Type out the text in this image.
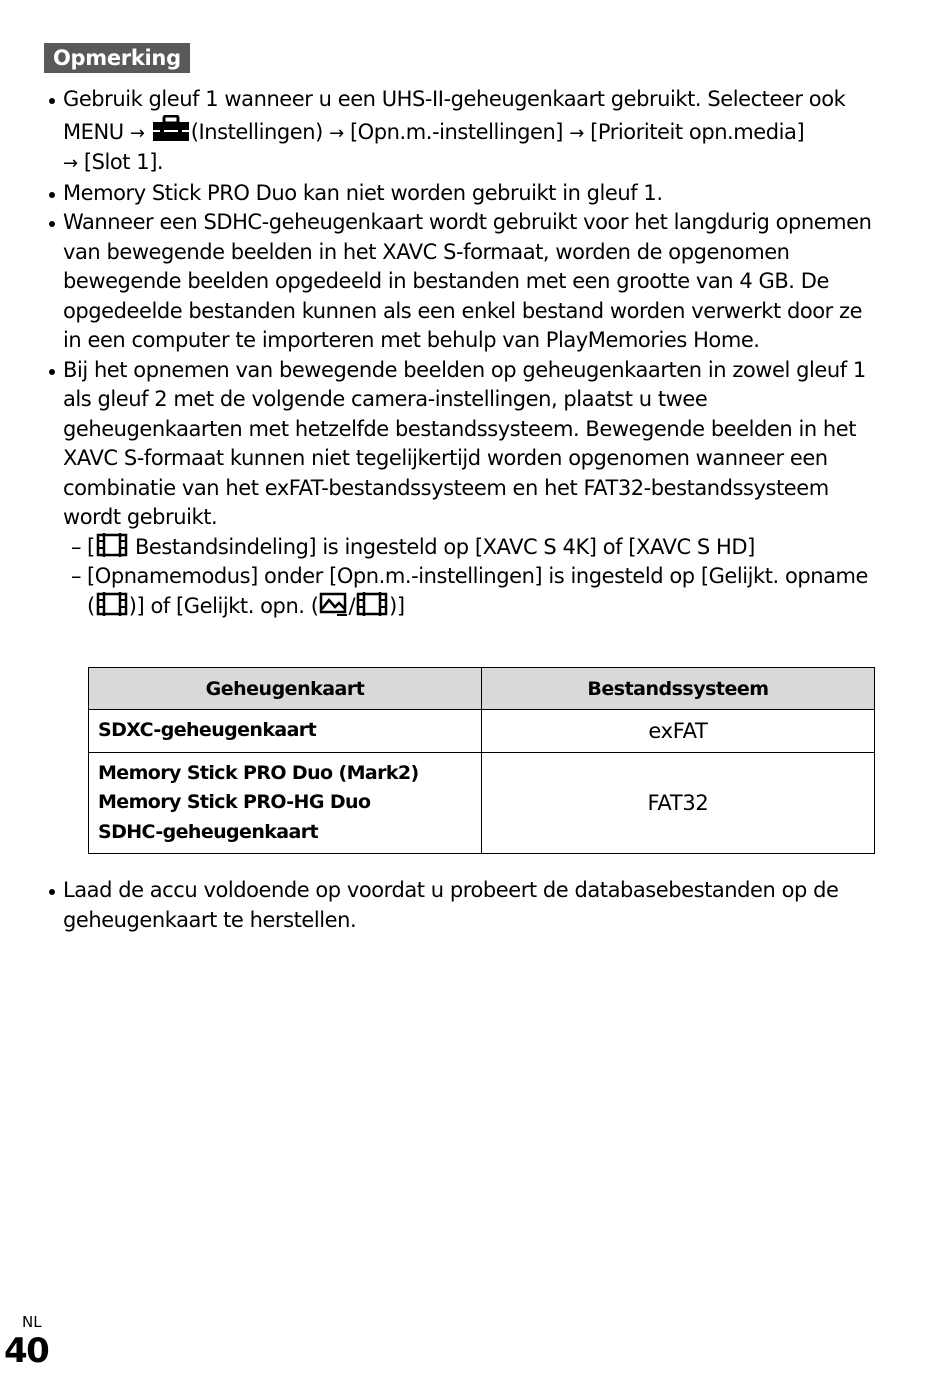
Opmerking
Gebruik gleuf 1 wanneer u een UHS-II-geheugenkaart gebruikt. Selecteer ook MENU → (Instellingen) → [Opn.m.-instellingen] → [Prioriteit opn.media]
→ [Slot 1].
Memory Stick PRO Duo kan niet worden gebruikt in gleuf 1.
Wanneer een SDHC-geheugenkaart wordt gebruikt voor het langdurig opnemen van bewegende beelden in het XAVC S-formaat, worden de opgenomen bewegende beelden opgedeeld in bestanden met een grootte van 4 GB. De opgedeelde bestanden kunnen als een enkel bestand worden verwerkt door ze in een computer te importeren met behulp van PlayMemories Home.
Bij het opnemen van bewegende beelden op geheugenkaarten in zowel gleuf 1 als gleuf 2 met de volgende camera-instellingen, plaatst u twee geheugenkaarten met hetzelfde bestandssysteem. Bewegende beelden in het XAVC S-formaat kunnen niet tegelijkertijd worden opgenomen wanneer een combinatie van het exFAT-bestandssysteem en het FAT32-bestandssysteem wordt gebruikt.
– [
Bestandsindeling] is ingesteld op [XAVC S 4K] of [XAVC S HD]
– [Opnamemodus] onder [Opn.m.-instellingen] is ingesteld op [Gelijkt. opname ( )] of [Gelijkt. opn. ( / )]
Geheugenkaart	Bestandssysteem

SDXC-geheugenkaart	exFAT

Memory Stick PRO Duo (Mark2)
Memory Stick PRO-HG Duo
SDHC-geheugenkaart	FAT32
Laad de accu voldoende op voordat u probeert de databasebestanden op de geheugenkaart te herstellen.
NL
40
